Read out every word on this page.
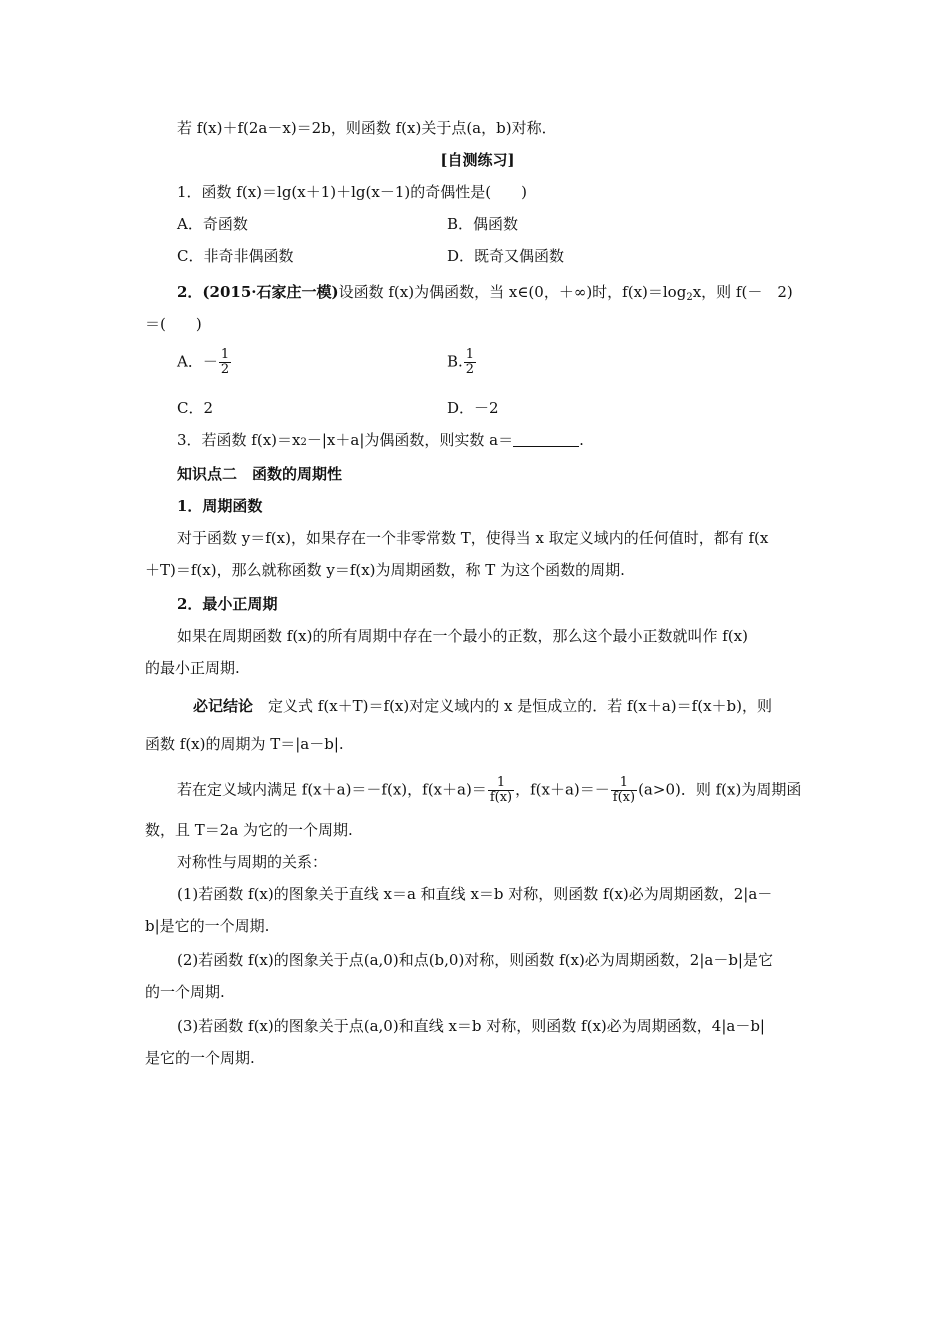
若 f(x)＋f(2a－x)＝2b，则函数 f(x)关于点(a，b)对称．
[自测练习]
1．函数 f(x)＝lg(x＋1)＋lg(x－1)的奇偶性是(　　)
A．奇函数	B．偶函数
C．非奇非偶函数	D．既奇又偶函数
2．(2015·石家庄一模)设函数 f(x)为偶函数，当 x∈(0，＋∞)时，$f(x)=\log_2x$，则 f(－　2)
＝(　　)
A．－ $\frac{1}{2}$	B. $\frac{1}{2}$
C．2	D．－2
3．若函数 f(x)＝x2－|x＋a|为偶函数，则实数 a＝	.
知识点二　函数的周期性
1．周期函数
对于函数 y＝f(x)，如果存在一个非零常数 T，使得当 x 取定义域内的任何值时，都有 f(x
＋T)＝f(x)，那么就称函数 y＝f(x)为周期函数，称 T 为这个函数的周期.
2．最小正周期
如果在周期函数 f(x)的所有周期中存在一个最小的正数，那么这个最小正数就叫作 f(x)
的最小正周期.
必记结论　 定义式 f(x＋T)＝f(x)对定义域内的 x 是恒成立的．若 f(x＋a)＝f(x＋b)，则
函数 f(x)的周期为 T＝|a－b|.
若在定义域内满足 f(x＋a)＝－f(x)，$f(x+a)= \frac{1}{f(x)}$ ，$f(x+a)=- \frac{1}{f(x)} (a>0)$．则 f(x)为周期函
数，且 T＝2a 为它的一个周期.
对称性与周期的关系：
(1)若函数 f(x)的图象关于直线 x＝a 和直线 x＝b 对称，则函数 f(x)必为周期函数，2|a－
b|是它的一个周期.
(2)若函数 f(x)的图象关于点(a,0)和点(b,0)对称，则函数 f(x)必为周期函数，2|a－b|是它
的一个周期.
(3)若函数 f(x)的图象关于点(a,0)和直线 x＝b 对称，则函数 f(x)必为周期函数，4|a－b|
是它的一个周期.
